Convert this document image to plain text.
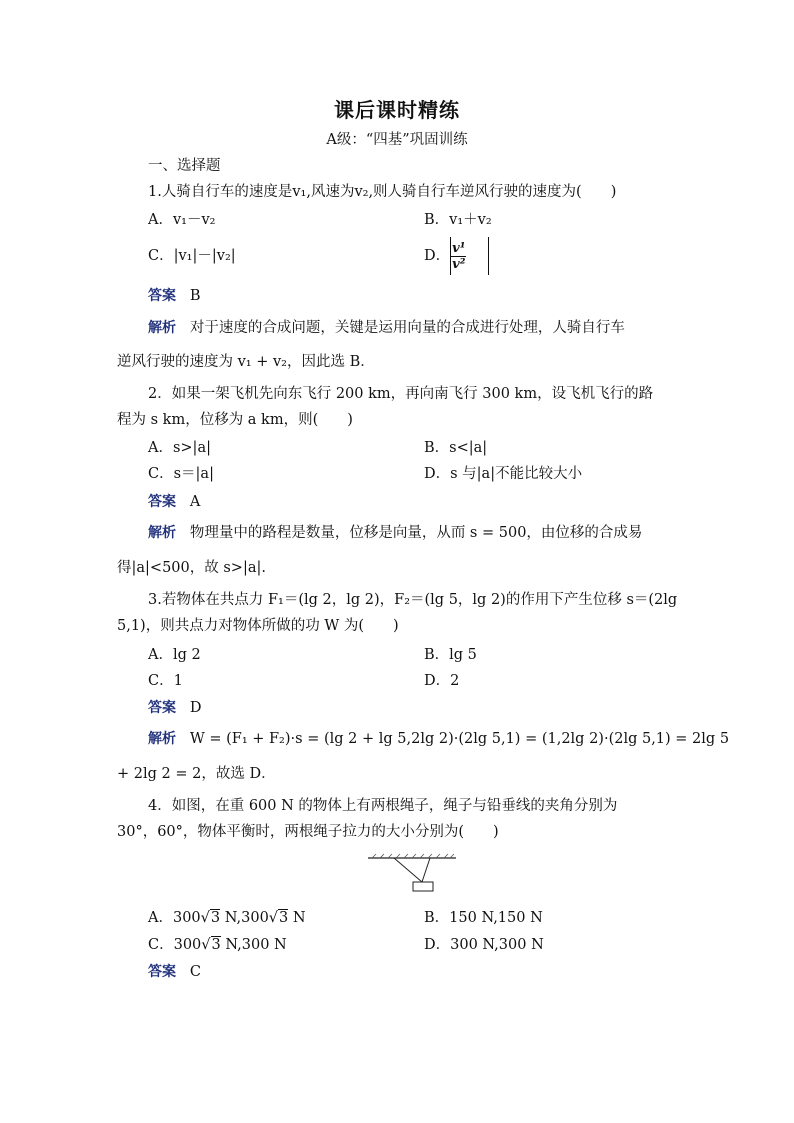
课后课时精练
A级：“四基”巩固训练
一、选择题
1.人骑自行车的速度是v₁,风速为v₂,则人骑自行车逆风行驶的速度为(　　)
A．v₁－v₂	B．v₁＋v₂
C．|v₁|－|v₂|	D． $\frac{\text{v¹}}{\text{v²}}$
答案 B
解析 对于速度的合成问题，关键是运用向量的合成进行处理，人骑自行车
逆风行驶的速度为 v₁ + v₂，因此选 B．
2．如果一架飞机先向东飞行 200 km，再向南飞行 300 km，设飞机飞行的路
程为 s km，位移为 a km，则(　　)
A．s>|a|	B．s<|a|
C．s＝|a|	D．s 与|a|不能比较大小
答案 A
解析 物理量中的路程是数量，位移是向量，从而 s = 500，由位移的合成易
得|a|<500，故 s>|a|.
3.若物体在共点力 F₁＝(lg 2，lg 2)，F₂＝(lg 5，lg 2)的作用下产生位移 s＝(2lg
5,1)，则共点力对物体所做的功 W 为(　　)
A．lg 2	B．lg 5
C．1	D．2
答案 D
解析 W = (F₁ + F₂)·s = (lg 2 + lg 5,2lg 2)·(2lg 5,1) = (1,2lg 2)·(2lg 5,1) = 2lg 5
+ 2lg 2 = 2，故选 D．
4．如图，在重 600 N 的物体上有两根绳子，绳子与铅垂线的夹角分别为
30°，60°，物体平衡时，两根绳子拉力的大小分别为(　　)
A．300√3 N,300√3 N	B．150 N,150 N
C．300√3 N,300 N	D．300 N,300 N
答案 C
